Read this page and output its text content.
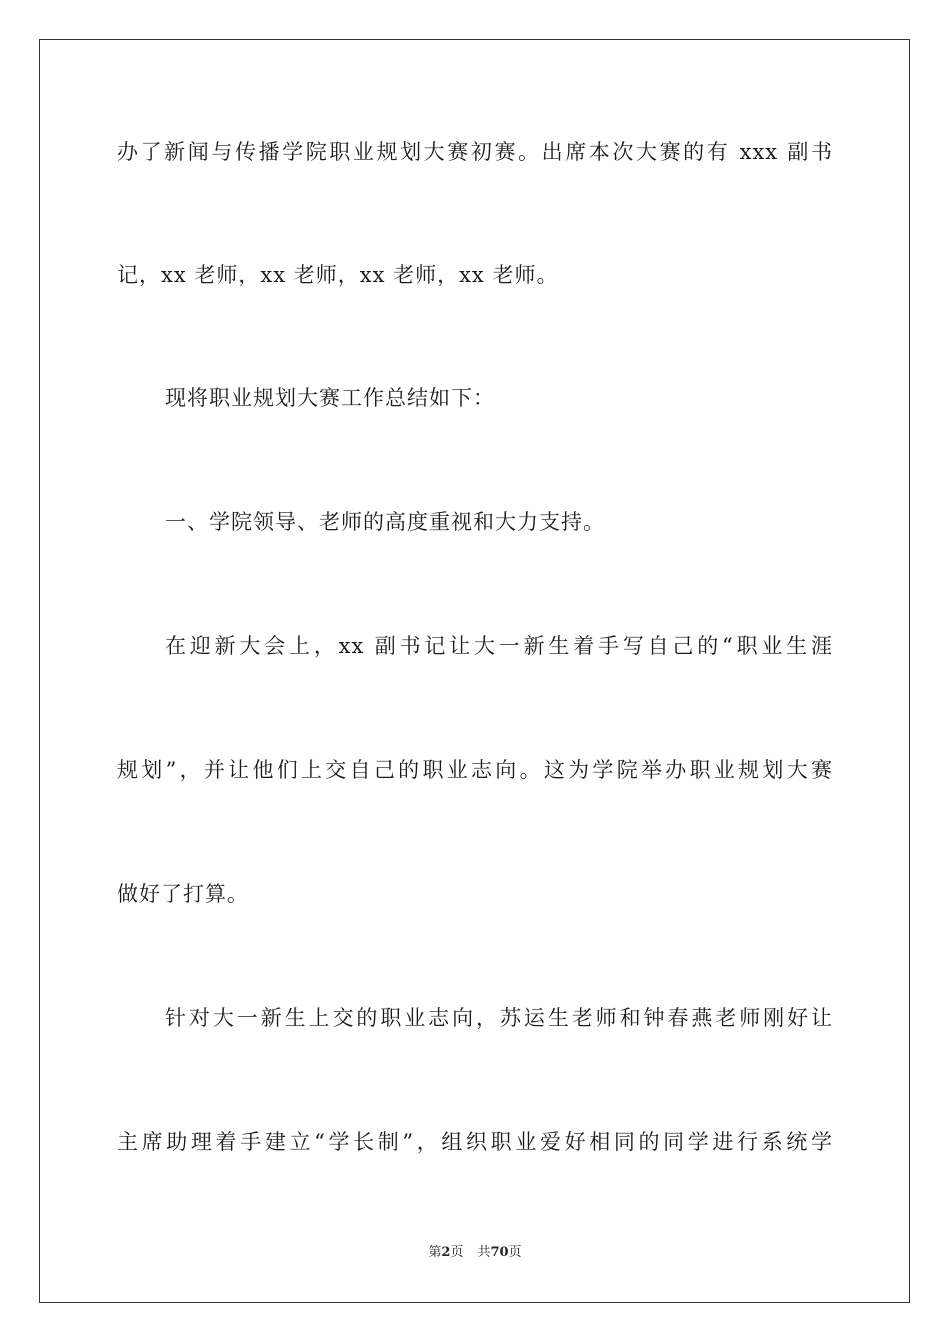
办了新闻与传播学院职业规划大赛初赛。出席本次大赛的有 xxx 副书
记，xx 老师，xx 老师，xx 老师，xx 老师。
现将职业规划大赛工作总结如下：
一、学院领导、老师的高度重视和大力支持。
在迎新大会上，xx 副书记让大一新生着手写自己的“职业生涯
规划”，并让他们上交自己的职业志向。这为学院举办职业规划大赛
做好了打算。
针对大一新生上交的职业志向，苏运生老师和钟春燕老师刚好让
主席助理着手建立“学长制”，组织职业爱好相同的同学进行系统学
第2页 共70页
